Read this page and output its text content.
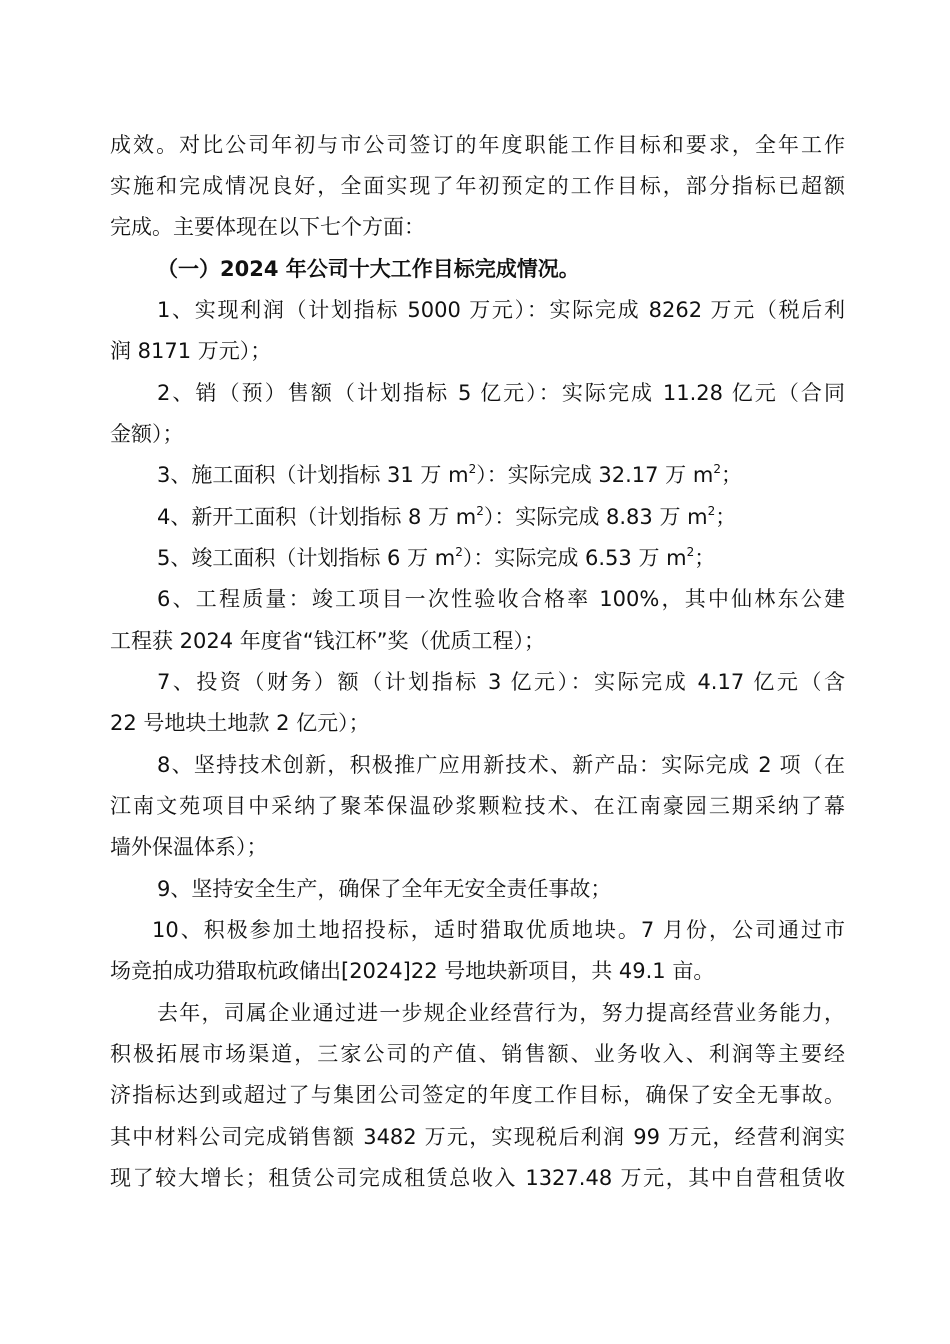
成效。对比公司年初与市公司签订的年度职能工作目标和要求，全年工作
实施和完成情况良好，全面实现了年初预定的工作目标，部分指标已超额
完成。主要体现在以下七个方面：
（一）2024 年公司十大工作目标完成情况。
1、实现利润（计划指标 5000 万元）：实际完成 8262 万元（税后利
润 8171 万元）；
2、销（预）售额（计划指标 5 亿元）：实际完成 11.28 亿元（合同
金额）；
3、施工面积（计划指标 31 万 $m^2$）：实际完成 32.17 万 $m^2$；
4、新开工面积（计划指标 8 万 $m^2$）：实际完成 8.83 万 $m^2$；
5、竣工面积（计划指标 6 万 $m^2$）：实际完成 6.53 万 $m^2$；
6、工程质量：竣工项目一次性验收合格率 100%，其中仙林东公建
工程获 2024 年度省“钱江杯”奖（优质工程）；
7、投资（财务）额（计划指标 3 亿元）：实际完成 4.17 亿元（含
22 号地块土地款 2 亿元）；
8、坚持技术创新，积极推广应用新技术、新产品：实际完成 2 项（在
江南文苑项目中采纳了聚苯保温砂浆颗粒技术、在江南豪园三期采纳了幕
墙外保温体系）；
9、坚持安全生产，确保了全年无安全责任事故；
10、积极参加土地招投标，适时猎取优质地块。7 月份，公司通过市
场竞拍成功猎取杭政储出[2024]22 号地块新项目，共 49.1 亩。
去年，司属企业通过进一步规企业经营行为，努力提高经营业务能力，
积极拓展市场渠道，三家公司的产值、销售额、业务收入、利润等主要经
济指标达到或超过了与集团公司签定的年度工作目标，确保了安全无事故。
其中材料公司完成销售额 3482 万元，实现税后利润 99 万元，经营利润实
现了较大增长；租赁公司完成租赁总收入 1327.48 万元，其中自营租赁收
